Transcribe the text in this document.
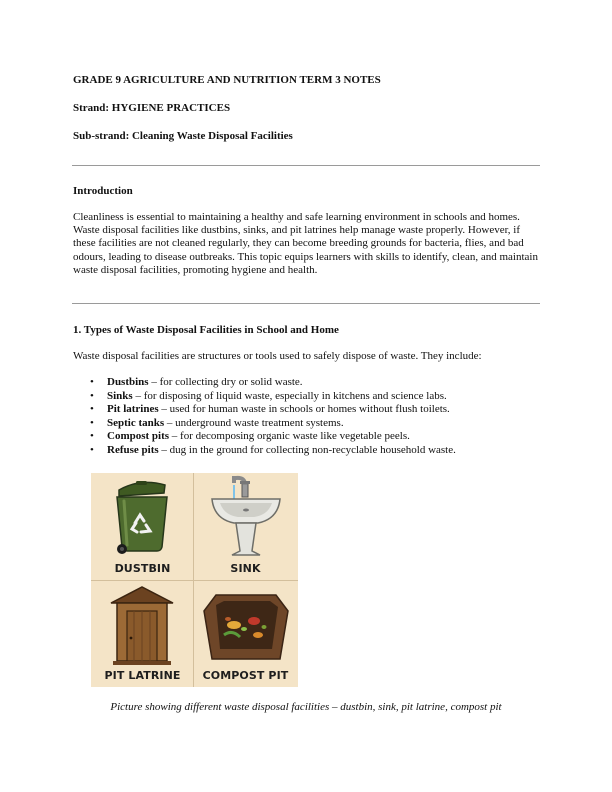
GRADE 9 AGRICULTURE AND NUTRITION TERM 3 NOTES
Strand: HYGIENE PRACTICES
Sub-strand: Cleaning Waste Disposal Facilities
Introduction
Cleanliness is essential to maintaining a healthy and safe learning environment in schools and homes. Waste disposal facilities like dustbins, sinks, and pit latrines help manage waste properly. However, if these facilities are not cleaned regularly, they can become breeding grounds for bacteria, flies, and bad odours, leading to disease outbreaks. This topic equips learners with skills to identify, clean, and maintain waste disposal facilities, promoting hygiene and health.
1. Types of Waste Disposal Facilities in School and Home
Waste disposal facilities are structures or tools used to safely dispose of waste. They include:
• Dustbins – for collecting dry or solid waste.
• Sinks – for disposing of liquid waste, especially in kitchens and science labs.
• Pit latrines – used for human waste in schools or homes without flush toilets.
• Septic tanks – underground waste treatment systems.
• Compost pits – for decomposing organic waste like vegetable peels.
• Refuse pits – dug in the ground for collecting non-recyclable household waste.
DUSTBIN	SINK
PIT LATRINE	COMPOST PIT
Picture showing different waste disposal facilities – dustbin, sink, pit latrine, compost pit
